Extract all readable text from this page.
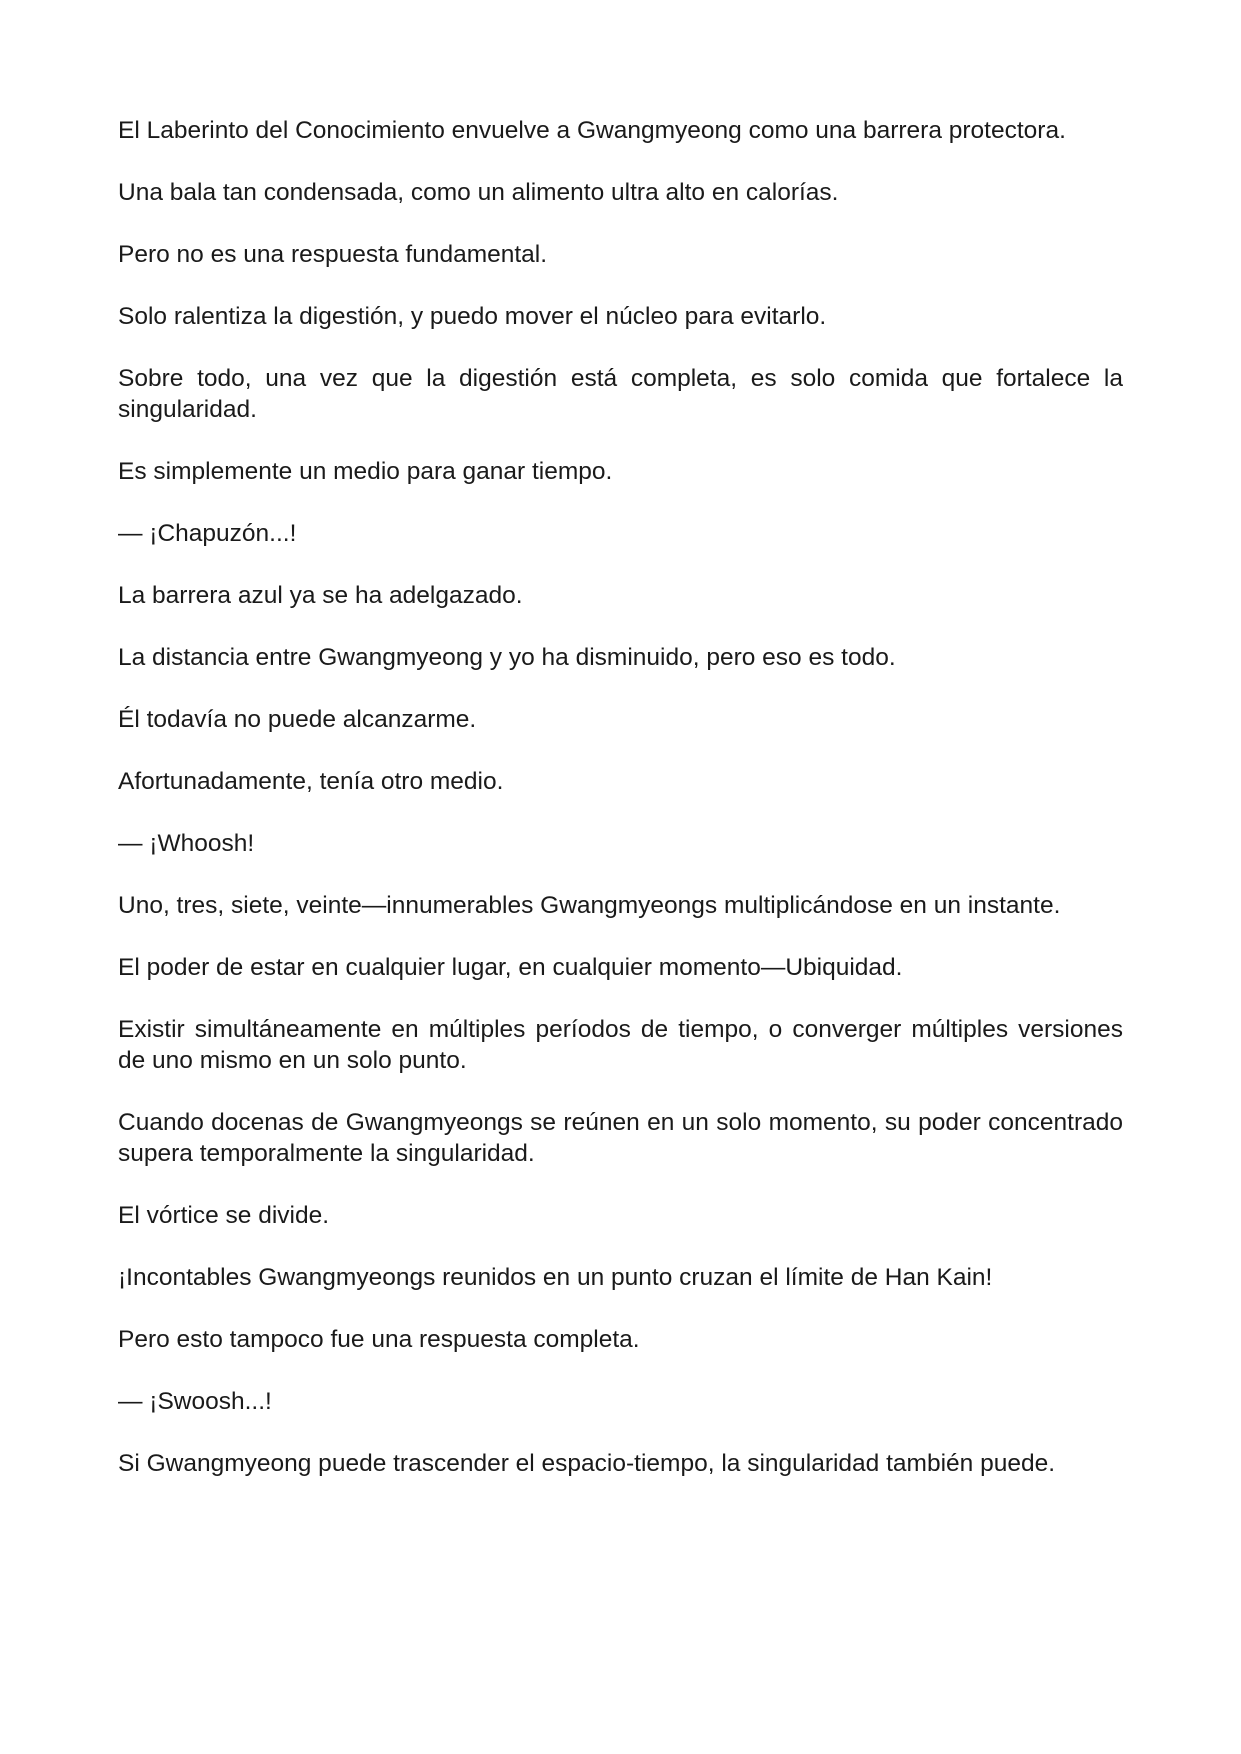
El Laberinto del Conocimiento envuelve a Gwangmyeong como una barrera protectora.

Una bala tan condensada, como un alimento ultra alto en calorías.

Pero no es una respuesta fundamental.

Solo ralentiza la digestión, y puedo mover el núcleo para evitarlo.

Sobre todo, una vez que la digestión está completa, es solo comida que fortalece la singularidad.

Es simplemente un medio para ganar tiempo.

— ¡Chapuzón...!

La barrera azul ya se ha adelgazado.

La distancia entre Gwangmyeong y yo ha disminuido, pero eso es todo.

Él todavía no puede alcanzarme.

Afortunadamente, tenía otro medio.

— ¡Whoosh!

Uno, tres, siete, veinte—innumerables Gwangmyeongs multiplicándose en un instante.

El poder de estar en cualquier lugar, en cualquier momento—Ubiquidad.

Existir simultáneamente en múltiples períodos de tiempo, o converger múltiples versiones de uno mismo en un solo punto.

Cuando docenas de Gwangmyeongs se reúnen en un solo momento, su poder concentrado supera temporalmente la singularidad.

El vórtice se divide.

¡Incontables Gwangmyeongs reunidos en un punto cruzan el límite de Han Kain!

Pero esto tampoco fue una respuesta completa.

— ¡Swoosh...!

Si Gwangmyeong puede trascender el espacio-tiempo, la singularidad también puede.
